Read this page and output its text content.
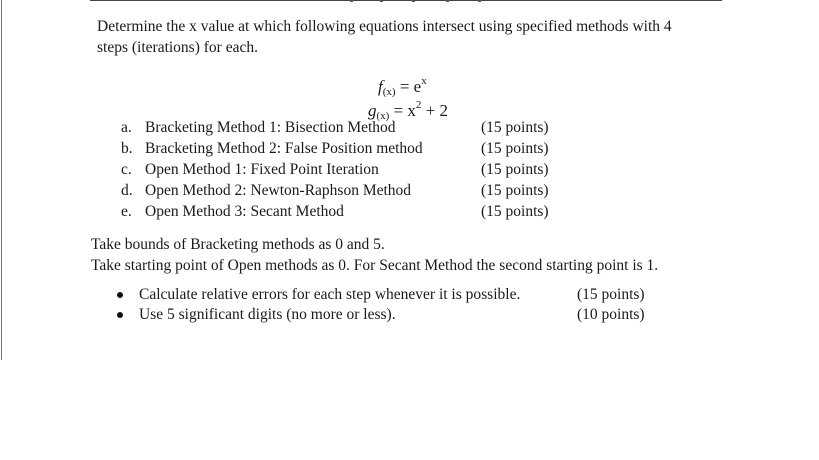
Determine the x value at which following equations intersect using specified methods with 4
steps (iterations) for each.
$f_{(x)} = e^x$
$g_{(x)} = x^2 + 2$
a. Bracketing Method 1: Bisection Method	(15 points)
b. Bracketing Method 2: False Position method	(15 points)
c. Open Method 1: Fixed Point Iteration	(15 points)
d. Open Method 2: Newton-Raphson Method	(15 points)
e. Open Method 3: Secant Method	(15 points)
Take bounds of Bracketing methods as 0 and 5.
Take starting point of Open methods as 0. For Secant Method the second starting point is 1.
Calculate relative errors for each step whenever it is possible.	(15 points)
Use 5 significant digits (no more or less).	(10 points)
